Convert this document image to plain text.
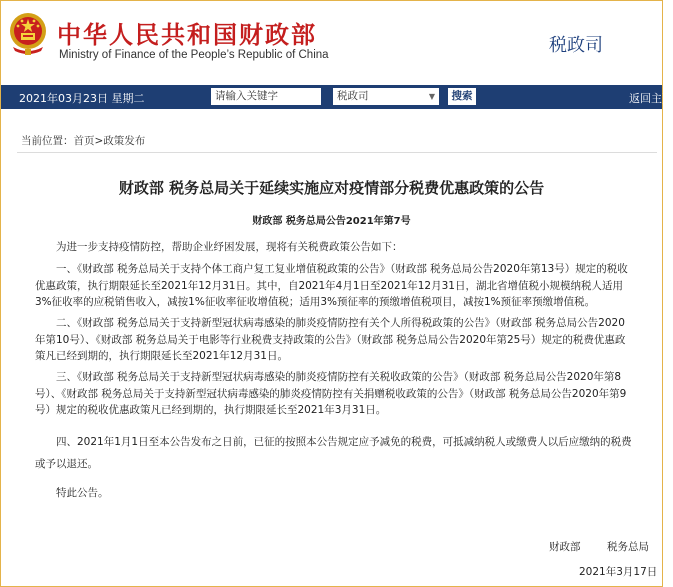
中华人民共和国财政部
Ministry of Finance of the People’s Republic of China	税政司
2021年03月23日 星期二	请输入关键字	税政司	▼	搜索	返回主页
当前位置：首页>政策发布
财政部 税务总局关于延续实施应对疫情部分税费优惠政策的公告
财政部 税务总局公告2021年第7号

为进一步支持疫情防控，帮助企业纾困发展，现将有关税费政策公告如下：

一、《财政部 税务总局关于支持个体工商户复工复业增值税政策的公告》（财政部 税务总局公告2020年第13号）规定的税收优惠政策，执行期限延长至2021年12月31日。其中，自2021年4月1日至2021年12月31日，湖北省增值税小规模纳税人适用3%征收率的应税销售收入，减按1%征收率征收增值税；适用3%预征率的预缴增值税项目，减按1%预征率预缴增值税。

二、《财政部 税务总局关于支持新型冠状病毒感染的肺炎疫情防控有关个人所得税政策的公告》（财政部 税务总局公告2020年第10号）、《财政部 税务总局关于电影等行业税费支持政策的公告》（财政部 税务总局公告2020年第25号）规定的税费优惠政策凡已经到期的，执行期限延长至2021年12月31日。

三、《财政部 税务总局关于支持新型冠状病毒感染的肺炎疫情防控有关税收政策的公告》（财政部 税务总局公告2020年第8号）、《财政部 税务总局关于支持新型冠状病毒感染的肺炎疫情防控有关捐赠税收政策的公告》（财政部 税务总局公告2020年第9号）规定的税收优惠政策凡已经到期的，执行期限延长至2021年3月31日。

四、2021年1月1日至本公告发布之日前，已征的按照本公告规定应予减免的税费，可抵减纳税人或缴费人以后应缴纳的税费或予以退还。

特此公告。

财政部	税务总局
2021年3月17日
